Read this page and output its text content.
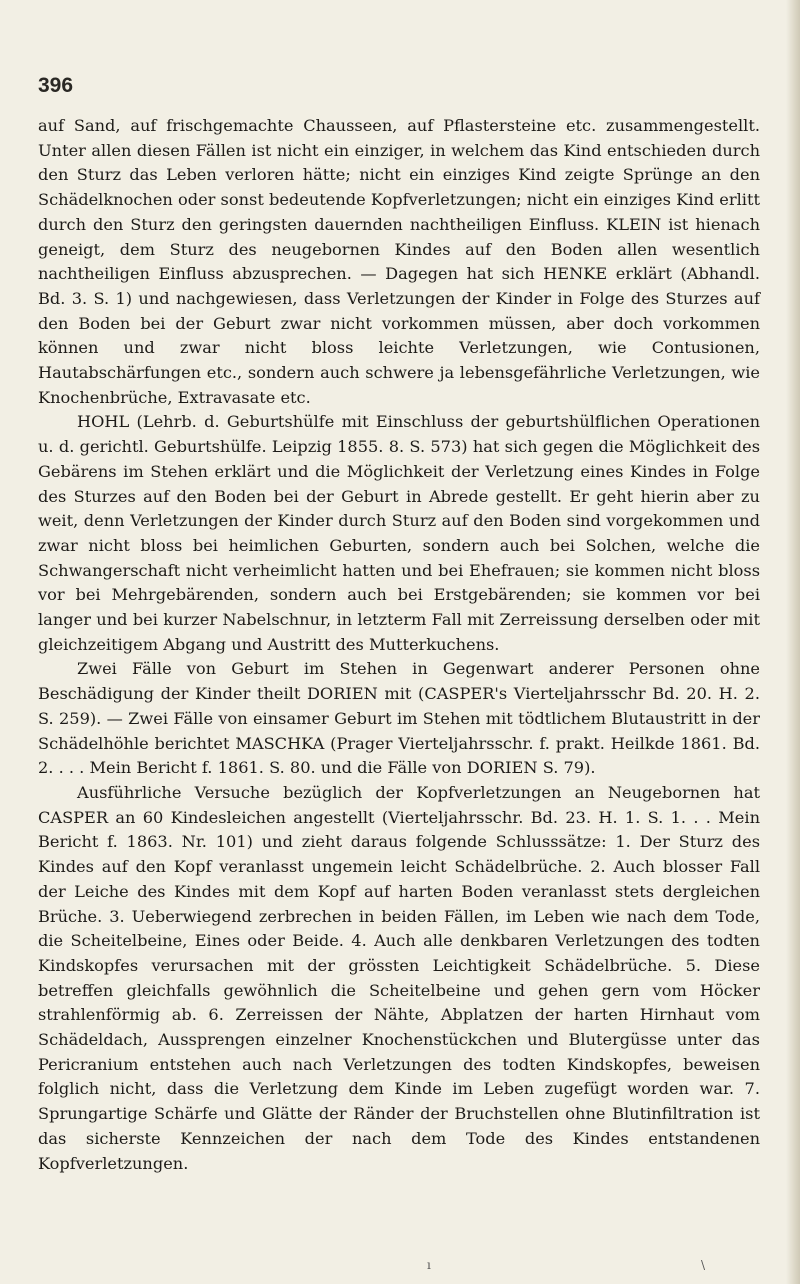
396

auf Sand, auf frischgemachte Chausseen, auf Pflastersteine etc. zusammengestellt. Unter allen diesen Fällen ist nicht ein einziger, in welchem das Kind entschieden durch den Sturz das Leben verloren hätte; nicht ein einziges Kind zeigte Sprünge an den Schädelknochen oder sonst bedeutende Kopfverletzungen; nicht ein einziges Kind erlitt durch den Sturz den geringsten dauernden nachtheiligen Einfluss. KLEIN ist hienach geneigt, dem Sturz des neugebornen Kindes auf den Boden allen wesentlich nachtheiligen Einfluss abzusprechen. — Dagegen hat sich HENKE erklärt (Abhandl. Bd. 3. S. 1) und nachgewiesen, dass Verletzungen der Kinder in Folge des Sturzes auf den Boden bei der Geburt zwar nicht vorkommen müssen, aber doch vorkommen können und zwar nicht bloss leichte Verletzungen, wie Contusionen, Hautabschärfungen etc., sondern auch schwere ja lebensgefährliche Verletzungen, wie Knochenbrüche, Extravasate etc.

HOHL (Lehrb. d. Geburtshülfe mit Einschluss der geburtshülflichen Operationen u. d. gerichtl. Geburtshülfe. Leipzig 1855. 8. S. 573) hat sich gegen die Möglichkeit des Gebärens im Stehen erklärt und die Möglichkeit der Verletzung eines Kindes in Folge des Sturzes auf den Boden bei der Geburt in Abrede gestellt. Er geht hierin aber zu weit, denn Verletzungen der Kinder durch Sturz auf den Boden sind vorgekommen und zwar nicht bloss bei heimlichen Geburten, sondern auch bei Solchen, welche die Schwangerschaft nicht verheimlicht hatten und bei Ehefrauen; sie kommen nicht bloss vor bei Mehrgebärenden, sondern auch bei Erstgebärenden; sie kommen vor bei langer und bei kurzer Nabelschnur, in letzterm Fall mit Zerreissung derselben oder mit gleichzeitigem Abgang und Austritt des Mutterkuchens.

Zwei Fälle von Geburt im Stehen in Gegenwart anderer Personen ohne Beschädigung der Kinder theilt DORIEN mit (CASPER's Vierteljahrsschr Bd. 20. H. 2. S. 259). — Zwei Fälle von einsamer Geburt im Stehen mit tödtlichem Blutaustritt in der Schädelhöhle berichtet MASCHKA (Prager Vierteljahrsschr. f. prakt. Heilkde 1861. Bd. 2. . . . Mein Bericht f. 1861. S. 80. und die Fälle von DORIEN S. 79).

Ausführliche Versuche bezüglich der Kopfverletzungen an Neugebornen hat CASPER an 60 Kindesleichen angestellt (Vierteljahrsschr. Bd. 23. H. 1. S. 1. . . Mein Bericht f. 1863. Nr. 101) und zieht daraus folgende Schlusssätze: 1. Der Sturz des Kindes auf den Kopf veranlasst ungemein leicht Schädelbrüche. 2. Auch blosser Fall der Leiche des Kindes mit dem Kopf auf harten Boden veranlasst stets dergleichen Brüche. 3. Ueberwiegend zerbrechen in beiden Fällen, im Leben wie nach dem Tode, die Scheitelbeine, Eines oder Beide. 4. Auch alle denkbaren Verletzungen des todten Kindskopfes verursachen mit der grössten Leichtigkeit Schädelbrüche. 5. Diese betreffen gleichfalls gewöhnlich die Scheitelbeine und gehen gern vom Höcker strahlenförmig ab. 6. Zerreissen der Nähte, Abplatzen der harten Hirnhaut vom Schädeldach, Aussprengen einzelner Knochenstückchen und Blutergüsse unter das Pericranium entstehen auch nach Verletzungen des todten Kindskopfes, beweisen folglich nicht, dass die Verletzung dem Kinde im Leben zugefügt worden war. 7. Sprungartige Schärfe und Glätte der Ränder der Bruchstellen ohne Blutinfiltration ist das sicherste Kennzeichen der nach dem Tode des Kindes entstandenen Kopfverletzungen.

ı	\
